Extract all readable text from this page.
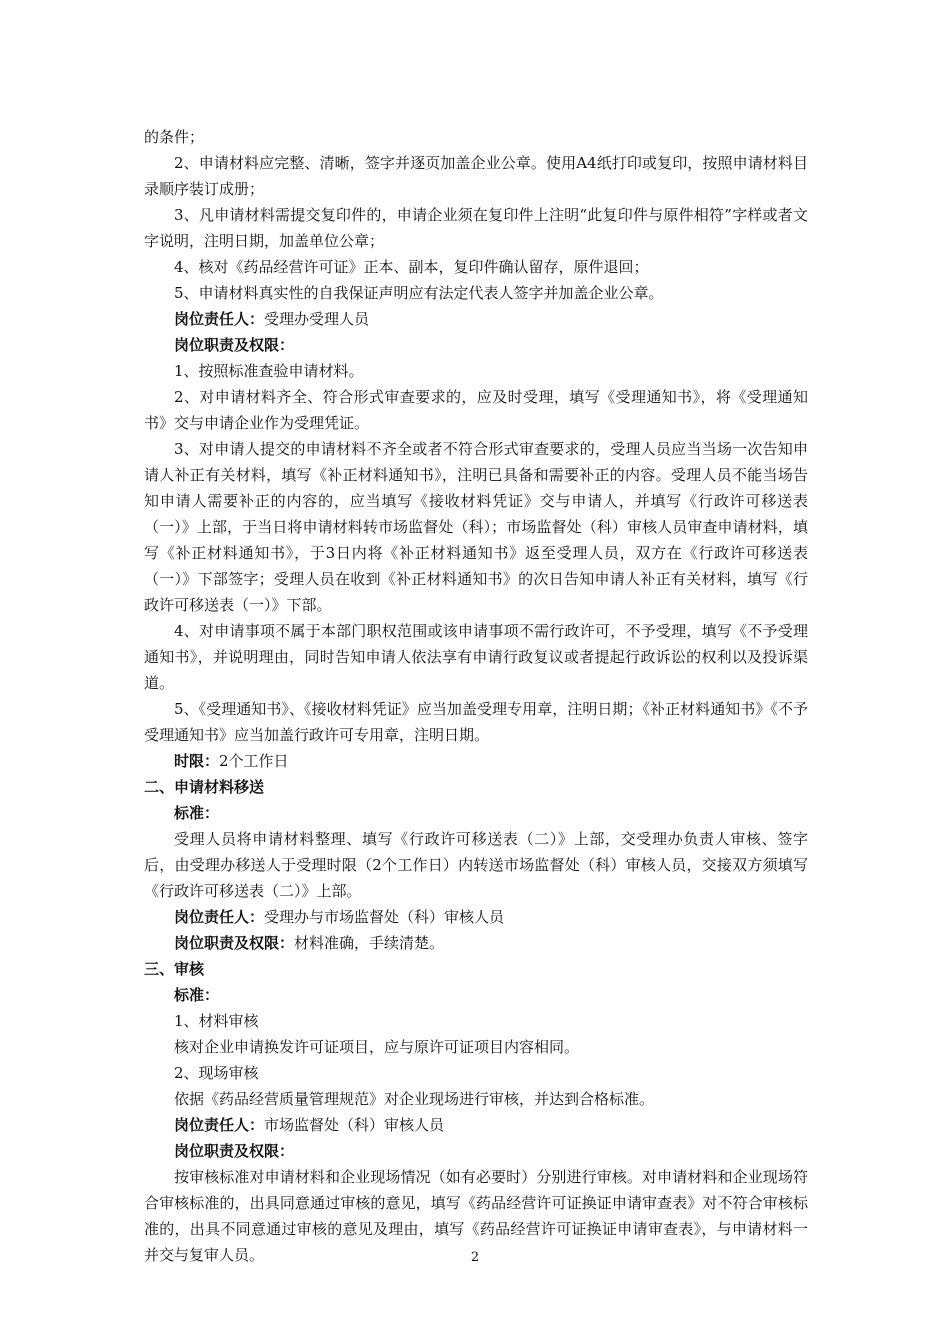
的条件；

2、申请材料应完整、清晰，签字并逐页加盖企业公章。使用A4纸打印或复印，按照申请材料目录顺序装订成册；

3、凡申请材料需提交复印件的，申请企业须在复印件上注明“此复印件与原件相符”字样或者文字说明，注明日期，加盖单位公章；

4、核对《药品经营许可证》正本、副本，复印件确认留存，原件退回；

5、申请材料真实性的自我保证声明应有法定代表人签字并加盖企业公章。

岗位责任人：受理办受理人员

岗位职责及权限：

1、按照标准查验申请材料。

2、对申请材料齐全、符合形式审查要求的，应及时受理，填写《受理通知书》，将《受理通知书》交与申请企业作为受理凭证。

3、对申请人提交的申请材料不齐全或者不符合形式审查要求的，受理人员应当当场一次告知申请人补正有关材料，填写《补正材料通知书》，注明已具备和需要补正的内容。受理人员不能当场告知申请人需要补正的内容的，应当填写《接收材料凭证》交与申请人，并填写《行政许可移送表（一）》上部，于当日将申请材料转市场监督处（科）；市场监督处（科）审核人员审查申请材料，填写《补正材料通知书》，于3日内将《补正材料通知书》返至受理人员，双方在《行政许可移送表（一）》下部签字；受理人员在收到《补正材料通知书》的次日告知申请人补正有关材料，填写《行政许可移送表（一）》下部。

4、对申请事项不属于本部门职权范围或该申请事项不需行政许可，不予受理，填写《不予受理通知书》，并说明理由，同时告知申请人依法享有申请行政复议或者提起行政诉讼的权利以及投诉渠道。

5、《受理通知书》、《接收材料凭证》应当加盖受理专用章，注明日期；《补正材料通知书》《不予受理通知书》应当加盖行政许可专用章，注明日期。

时限：2个工作日

二、申请材料移送

标准：

受理人员将申请材料整理、填写《行政许可移送表（二）》上部，交受理办负责人审核、签字后，由受理办移送人于受理时限（2个工作日）内转送市场监督处（科）审核人员，交接双方须填写《行政许可移送表（二）》上部。

岗位责任人：受理办与市场监督处（科）审核人员

岗位职责及权限：材料准确，手续清楚。

三、审核

标准：

1、材料审核

核对企业申请换发许可证项目，应与原许可证项目内容相同。

2、现场审核

依据《药品经营质量管理规范》对企业现场进行审核，并达到合格标准。

岗位责任人：市场监督处（科）审核人员

岗位职责及权限：

按审核标准对申请材料和企业现场情况（如有必要时）分别进行审核。对申请材料和企业现场符合审核标准的，出具同意通过审核的意见，填写《药品经营许可证换证申请审查表》对不符合审核标准的，出具不同意通过审核的意见及理由，填写《药品经营许可证换证申请审查表》，与申请材料一并交与复审人员。	2
